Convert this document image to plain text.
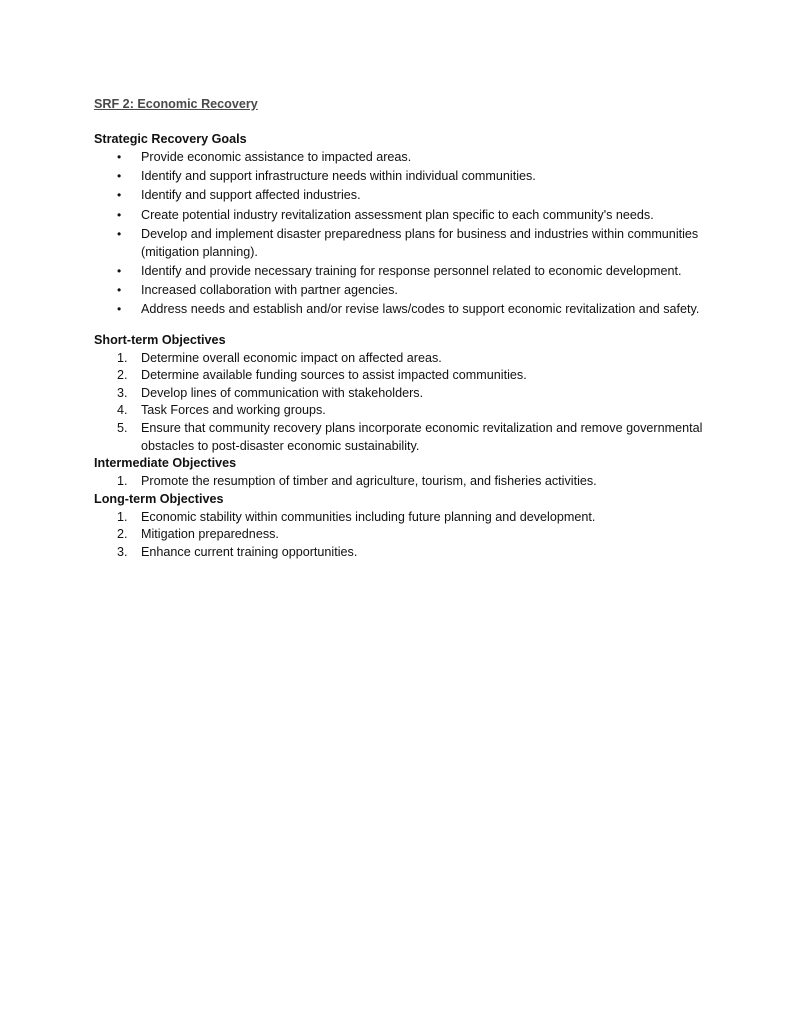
SRF 2: Economic Recovery
Strategic Recovery Goals
• Provide economic assistance to impacted areas.
• Identify and support infrastructure needs within individual communities.
• Identify and support affected industries.
• Create potential industry revitalization assessment plan specific to each community's needs.
• Develop and implement disaster preparedness plans for business and industries within communities (mitigation planning).
• Identify and provide necessary training for response personnel related to economic development.
• Increased collaboration with partner agencies.
• Address needs and establish and/or revise laws/codes to support economic revitalization and safety.
Short-term Objectives
1. Determine overall economic impact on affected areas.
2. Determine available funding sources to assist impacted communities.
3. Develop lines of communication with stakeholders.
4. Task Forces and working groups.
5. Ensure that community recovery plans incorporate economic revitalization and remove governmental obstacles to post-disaster economic sustainability.
Intermediate Objectives
1. Promote the resumption of timber and agriculture, tourism, and fisheries activities.
Long-term Objectives
1. Economic stability within communities including future planning and development.
2. Mitigation preparedness.
3. Enhance current training opportunities.
